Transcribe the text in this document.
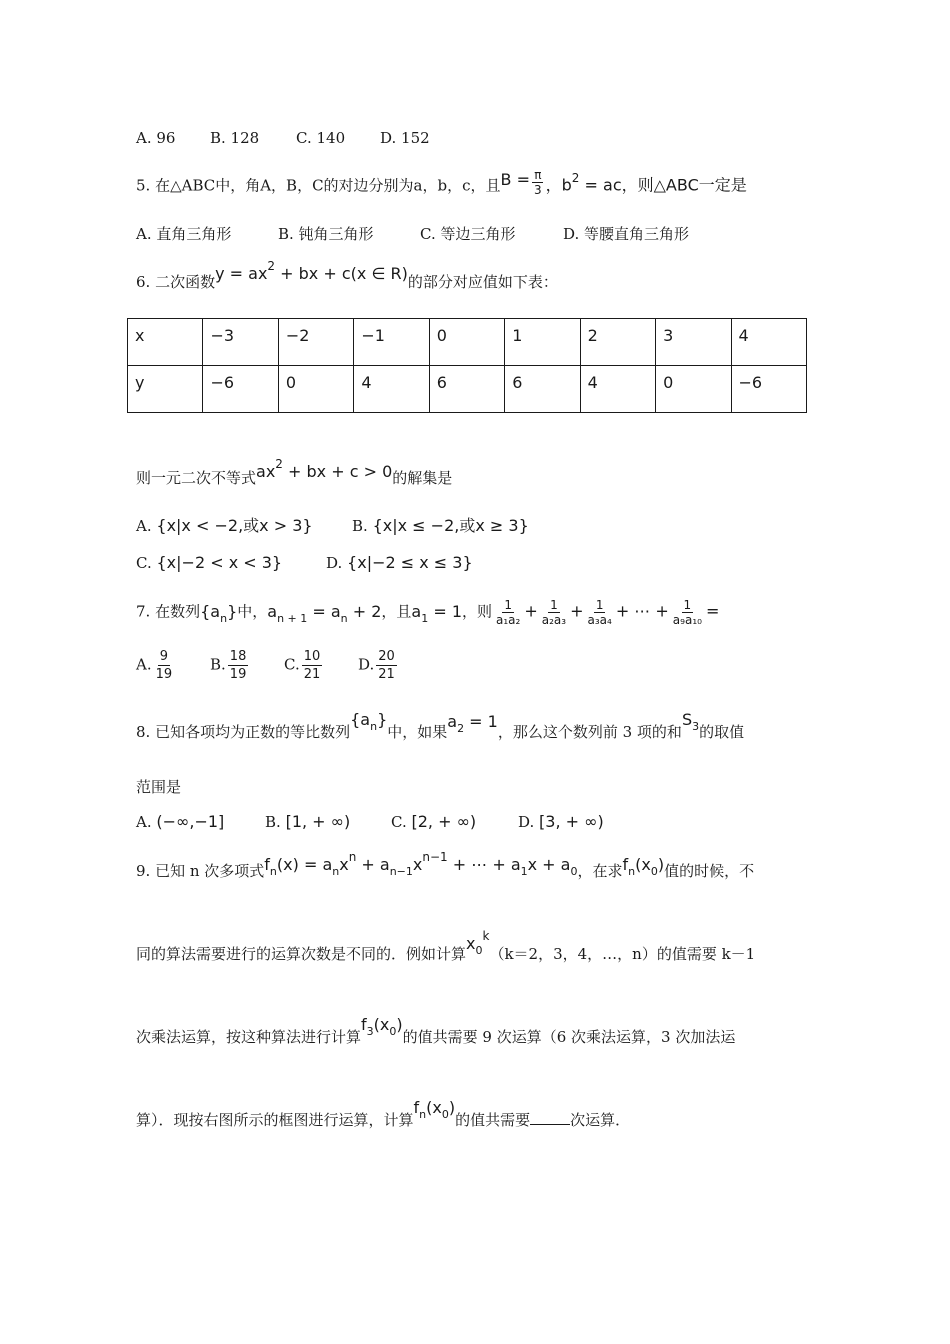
A. 96 B. 128 C. 140 D. 152
5. 在△ABC中，角A，B，C的对边分别为a，b，c，且$B = \frac{\pi}{3}$ ，$b^2$ = ac，则△ABC一定是
A. 直角三角形	B. 钝角三角形	C. 等边三角形	D. 等腰直角三角形
6. 二次函数$y = ax^2$ + bx + c(x ∈ R)的部分对应值如下表：
x	−3	−2	−1	0	1	2	3	4
y	−6	0	4	6	6	4	0	−6
则一元二次不等式$ax^2$ + bx + c > 0的解集是
A. {x|x < −2,或x > 3}	B. {x|x ≤ −2,或x ≥ 3}
C. {x|−2 < x < 3}	D. {x|−2 ≤ x ≤ 3}
7. 在数列$\{a_n\}$中，$a_{n + 1} = a_n + 2$，且$a_1 = 1$，则 $\frac{1}{\text{a₁a₂}} + \frac{1}{\text{a₂a₃}} + \frac{1}{\text{a₃a₄}}$ + ⋯ + $\frac{1}{\text{a₉a₁₀}}$ =
A. $\frac{9}{19} B$. $\frac{18}{19} C$. $\frac{10}{21} D$. $\frac{20}{21}$
8. 已知各项均为正数的等比数列$\{a_n\}$中，如果$a_2 = 1$，那么这个数列前 3 项的和$S_3$的取值
范围是
A. (−∞,−1]	B. [1, + ∞)	C. [2, + ∞)	D. [3, + ∞)
9. 已知 n 次多项式$f_n(x) = a_nx^n + a_{n-1}x^{n-1}$ + ⋯ + $a_1x + a_0$，在求$f_n(x_0)$值的时候，不
同的算法需要进行的运算次数是不同的．例如计算$x_0^k(k=2$，3，4，…，n）的值需要 k－1
次乘法运算，按这种算法进行计算$f_3(x_0)$的值共需要 9 次运算（6 次乘法运算，3 次加法运
算）．现按右图所示的框图进行运算，计算$f_n(x_0)$的值共需要	次运算．
